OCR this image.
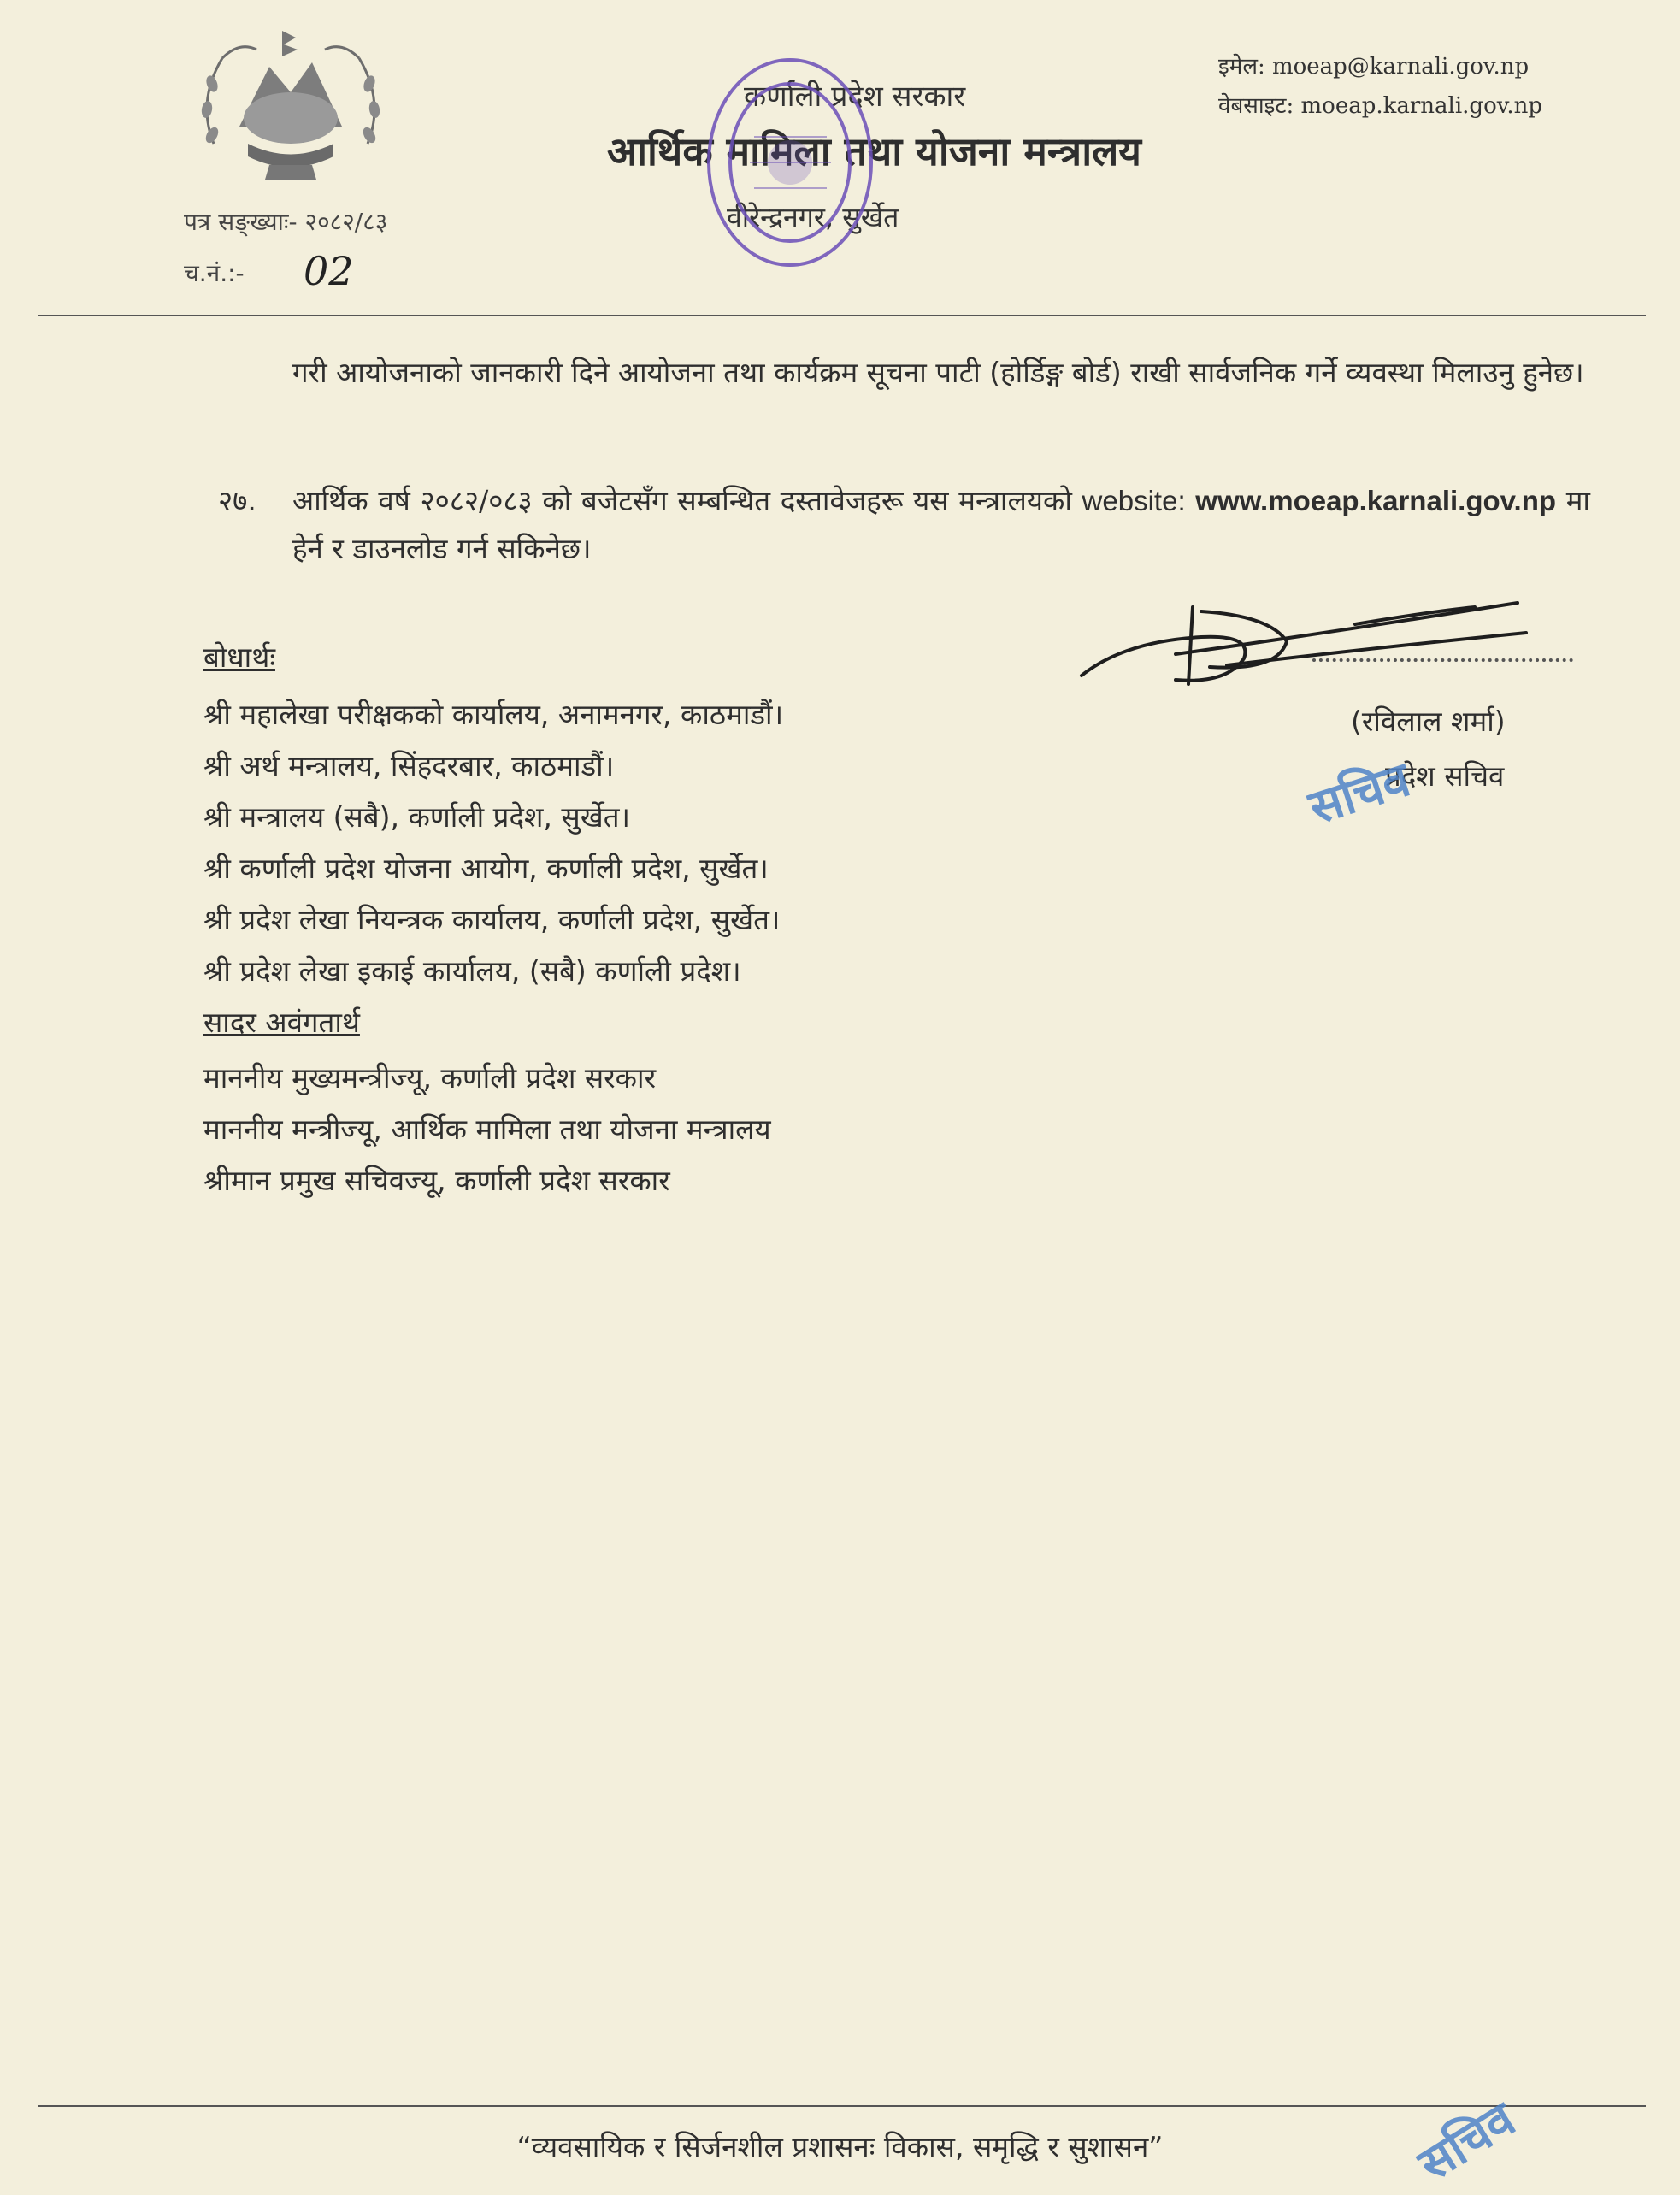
कर्णाली प्रदेश सरकार
आर्थिक मामिला तथा योजना मन्त्रालय
वीरेन्द्रनगर, सुर्खेत
इमेल: moeap@karnali.gov.np
वेबसाइट: moeap.karnali.gov.np
पत्र सङ्ख्याः- २०८२/८३
च.नं.:- 02
गरी आयोजनाको जानकारी दिने आयोजना तथा कार्यक्रम सूचना पाटी (होर्डिङ्ग बोर्ड) राखी सार्वजनिक गर्ने व्यवस्था मिलाउनु हुनेछ।
२७. आर्थिक वर्ष २०८२/०८३ को बजेटसँग सम्बन्धित दस्तावेजहरू यस मन्त्रालयको website: www.moeap.karnali.gov.np मा हेर्न र डाउनलोड गर्न सकिनेछ।
(रविलाल शर्मा)
प्रदेश सचिव
सचिव
बोधार्थः
श्री महालेखा परीक्षकको कार्यालय, अनामनगर, काठमाडौं।
श्री अर्थ मन्त्रालय, सिंहदरबार, काठमाडौं।
श्री मन्त्रालय (सबै), कर्णाली प्रदेश, सुर्खेत।
श्री कर्णाली प्रदेश योजना आयोग, कर्णाली प्रदेश, सुर्खेत।
श्री प्रदेश लेखा नियन्त्रक कार्यालय, कर्णाली प्रदेश, सुर्खेत।
श्री प्रदेश लेखा इकाई कार्यालय, (सबै) कर्णाली प्रदेश।
सादर अवंगतार्थ
माननीय मुख्यमन्त्रीज्यू, कर्णाली प्रदेश सरकार
माननीय मन्त्रीज्यू, आर्थिक मामिला तथा योजना मन्त्रालय
श्रीमान प्रमुख सचिवज्यू, कर्णाली प्रदेश सरकार
“व्यवसायिक र सिर्जनशील प्रशासनः विकास, समृद्धि र सुशासन”	सचिव
